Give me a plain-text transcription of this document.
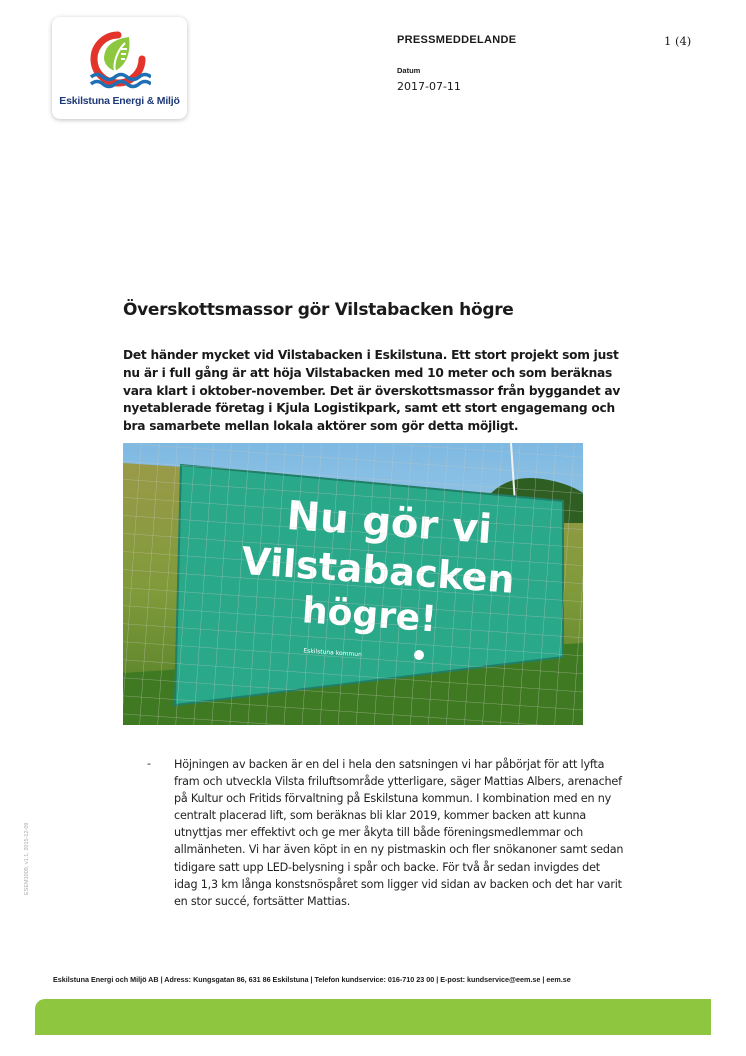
Eskilstuna Energi & Miljö
PRESSMEDDELANDE	1 (4)
Datum
2017-07-11
Överskottsmassor gör Vilstabacken högre

Det händer mycket vid Vilstabacken i Eskilstuna. Ett stort projekt som just nu är i full gång är att höja Vilstabacken med 10 meter och som beräknas vara klart i oktober-november. Det är överskottsmassor från byggandet av nyetablerade företag i Kjula Logistikpark, samt ett stort engagemang och bra samarbete mellan lokala aktörer som gör detta möjligt.

- Höjningen av backen är en del i hela den satsningen vi har påbörjat för att lyfta fram och utveckla Vilsta friluftsområde ytterligare, säger Mattias Albers, arenachef på Kultur och Fritids förvaltning på Eskilstuna kommun. I kombination med en ny centralt placerad lift, som beräknas bli klar 2019, kommer backen att kunna utnyttjas mer effektivt och ge mer åkyta till både föreningsmedlemmar och allmänheten. Vi har även köpt in en ny pistmaskin och fler snökanoner samt sedan tidigare satt upp LED-belysning i spår och backe. För två år sedan invigdes det idag 1,3 km långa konstsnöspåret som ligger vid sidan av backen och det har varit en stor succé, fortsätter Mattias.

ESEM1009, v1.1, 2015-12-09
Eskilstuna Energi och Miljö AB | Adress: Kungsgatan 86, 631 86 Eskilstuna | Telefon kundservice: 016-710 23 00 | E-post: kundservice@eem.se | eem.se
